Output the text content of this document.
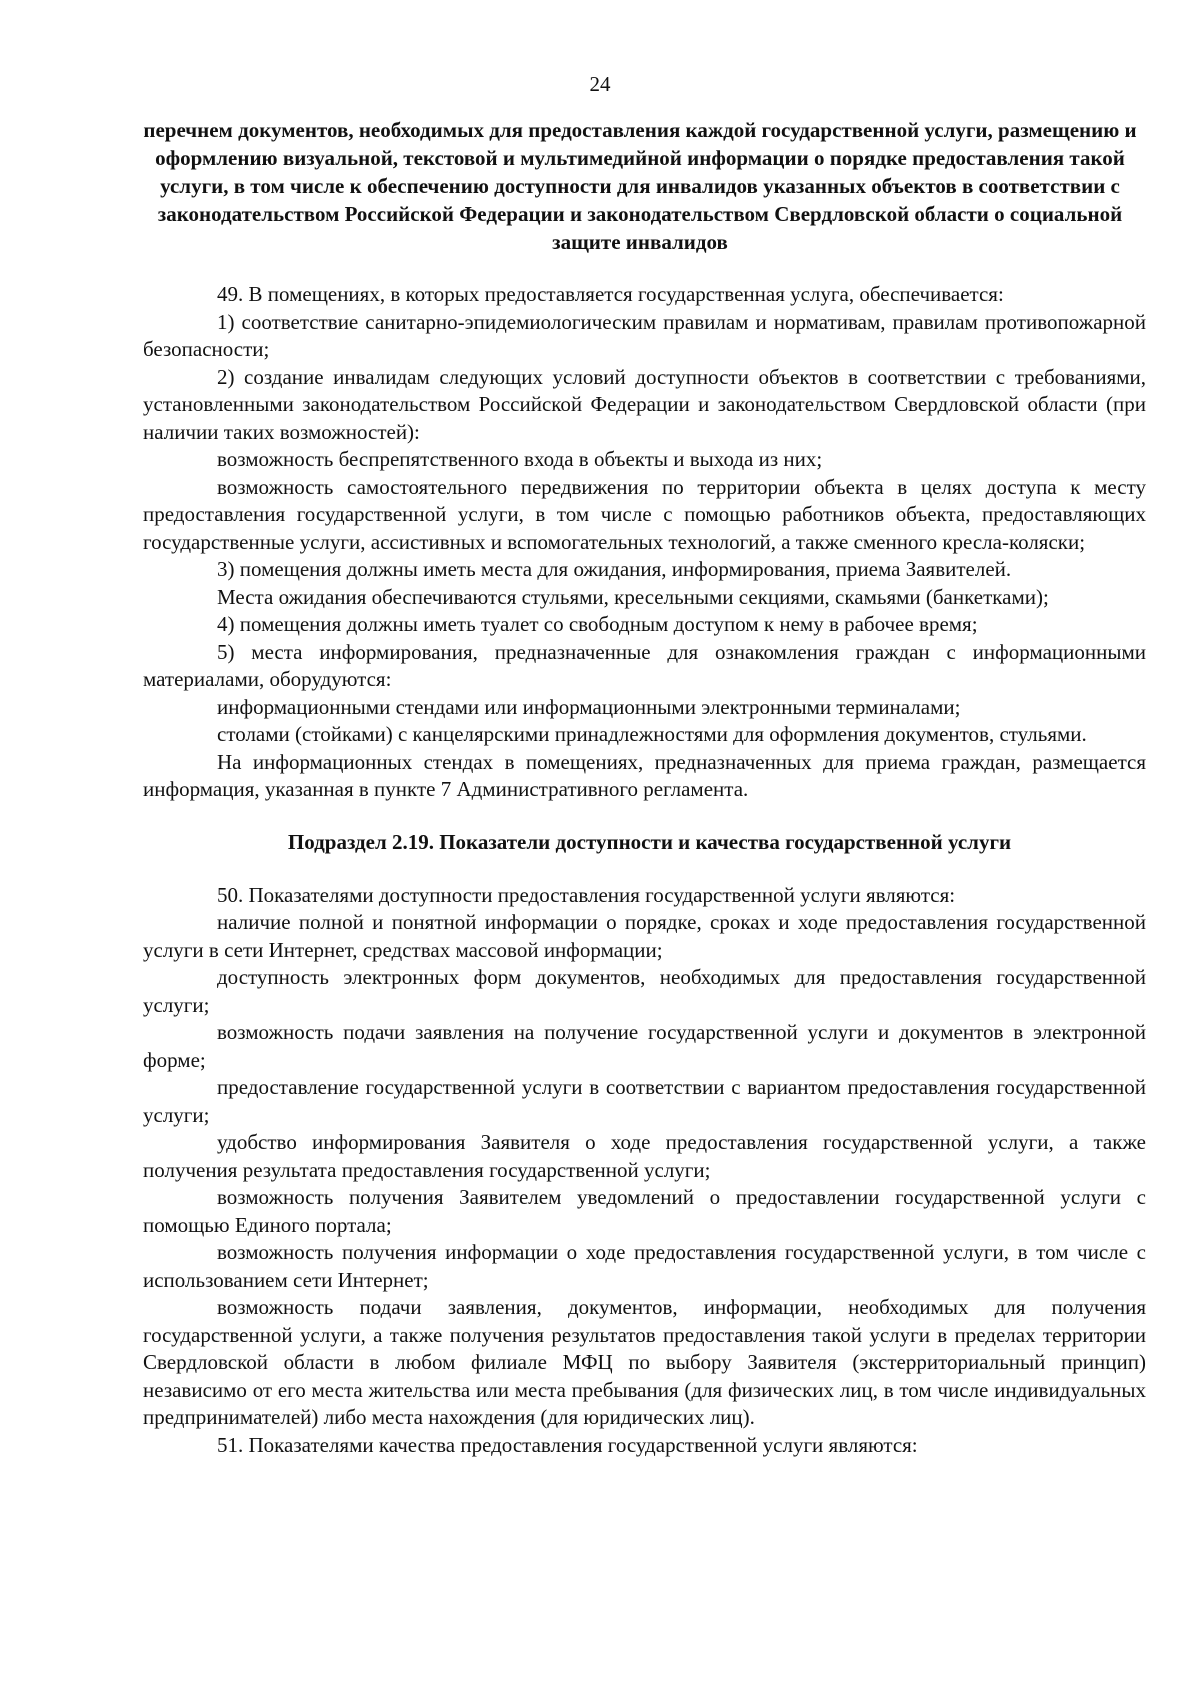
24
перечнем документов, необходимых для предоставления каждой государственной услуги, размещению и оформлению визуальной, текстовой и мультимедийной информации о порядке предоставления такой услуги, в том числе к обеспечению доступности для инвалидов указанных объектов в соответствии с законодательством Российской Федерации и законодательством Свердловской области о социальной защите инвалидов

49. В помещениях, в которых предоставляется государственная услуга, обеспечивается:

1) соответствие санитарно-эпидемиологическим правилам и нормативам, правилам противопожарной безопасности;

2) создание инвалидам следующих условий доступности объектов в соответствии с требованиями, установленными законодательством Российской Федерации и законодательством Свердловской области (при наличии таких возможностей):

возможность беспрепятственного входа в объекты и выхода из них;

возможность самостоятельного передвижения по территории объекта в целях доступа к месту предоставления государственной услуги, в том числе с помощью работников объекта, предоставляющих государственные услуги, ассистивных и вспомогательных технологий, а также сменного кресла-коляски;

3) помещения должны иметь места для ожидания, информирования, приема Заявителей.

Места ожидания обеспечиваются стульями, кресельными секциями, скамьями (банкетками);

4) помещения должны иметь туалет со свободным доступом к нему в рабочее время;

5) места информирования, предназначенные для ознакомления граждан с информационными материалами, оборудуются:

информационными стендами или информационными электронными терминалами;

столами (стойками) с канцелярскими принадлежностями для оформления документов, стульями.

На информационных стендах в помещениях, предназначенных для приема граждан, размещается информация, указанная в пункте 7 Административного регламента.

Подраздел 2.19. Показатели доступности и качества государственной услуги

50. Показателями доступности предоставления государственной услуги являются:

наличие полной и понятной информации о порядке, сроках и ходе предоставления государственной услуги в сети Интернет, средствах массовой информации;

доступность электронных форм документов, необходимых для предоставления государственной услуги;

возможность подачи заявления на получение государственной услуги и документов в электронной форме;

предоставление государственной услуги в соответствии с вариантом предоставления государственной услуги;

удобство информирования Заявителя о ходе предоставления государственной услуги, а также получения результата предоставления государственной услуги;

возможность получения Заявителем уведомлений о предоставлении государственной услуги с помощью Единого портала;

возможность получения информации о ходе предоставления государственной услуги, в том числе с использованием сети Интернет;

возможность подачи заявления, документов, информации, необходимых для получения государственной услуги, а также получения результатов предоставления такой услуги в пределах территории Свердловской области в любом филиале МФЦ по выбору Заявителя (экстерриториальный принцип) независимо от его места жительства или места пребывания (для физических лиц, в том числе индивидуальных предпринимателей) либо места нахождения (для юридических лиц).

51. Показателями качества предоставления государственной услуги являются:
